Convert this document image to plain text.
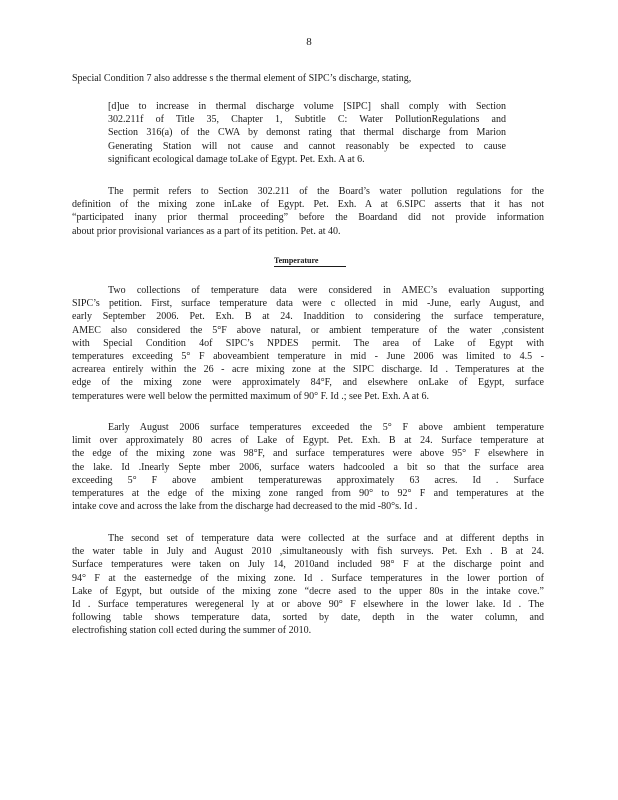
8
Special Condition 7 also addresse s the thermal element of SIPC’s discharge, stating,
[d]ue to increase in thermal discharge volume [SIPC] shall comply with Section
302.211f of Title 35, Chapter 1, Subtitle C: Water PollutionRegulations and
Section 316(a) of the CWA by demonst rating that thermal discharge from Marion
Generating Station will not cause and cannot reasonably be expected to cause
significant ecological damage toLake of Egypt. Pet. Exh. A at 6.
The permit refers to Section 302.211 of the Board’s water pollution regulations for the
definition of the mixing zone inLake of Egypt. Pet. Exh. A at 6.SIPC asserts that it has not
“participated inany prior thermal proceeding” before the Boardand did not provide information
about prior provisional variances as a part of its petition. Pet. at 40.
Temperature
Two collections of temperature data were considered in AMEC’s evaluation supporting
SIPC’s petition. First, surface temperature data were c ollected in mid -June, early August, and
early September 2006. Pet. Exh. B at 24. Inaddition to considering the surface temperature,
AMEC also considered the 5°F above natural, or ambient temperature of the water ,consistent
with Special Condition 4of SIPC’s NPDES permit. The area of Lake of Egypt with
temperatures exceeding 5° F aboveambient temperature in mid - June 2006 was limited to 4.5 -
acrearea entirely within the 26 - acre mixing zone at the SIPC discharge. Id . Temperatures at the
edge of the mixing zone were approximately 84°F, and elsewhere onLake of Egypt, surface
temperatures were well below the permitted maximum of 90° F. Id .; see Pet. Exh. A at 6.
Early August 2006 surface temperatures exceeded the 5° F above ambient temperature
limit over approximately 80 acres of Lake of Egypt. Pet. Exh. B at 24. Surface temperature at
the edge of the mixing zone was 98°F, and surface temperatures were above 95° F elsewhere in
the lake. Id .Inearly Septe mber 2006, surface waters hadcooled a bit so that the surface area
exceeding 5° F above ambient temperaturewas approximately 63 acres. Id . Surface
temperatures at the edge of the mixing zone ranged from 90° to 92° F and temperatures at the
intake cove and across the lake from the discharge had decreased to the mid -80°s. Id .
The second set of temperature data were collected at the surface and at different depths in
the water table in July and August 2010 ,simultaneously with fish surveys. Pet. Exh . B at 24.
Surface temperatures were taken on July 14, 2010and included 98° F at the discharge point and
94° F at the easternedge of the mixing zone. Id . Surface temperatures in the lower portion of
Lake of Egypt, but outside of the mixing zone “decre ased to the upper 80s in the intake cove.”
Id . Surface temperatures weregeneral ly at or above 90° F elsewhere in the lower lake. Id . The
following table shows temperature data, sorted by date, depth in the water column, and
electrofishing station coll ected during the summer of 2010.
